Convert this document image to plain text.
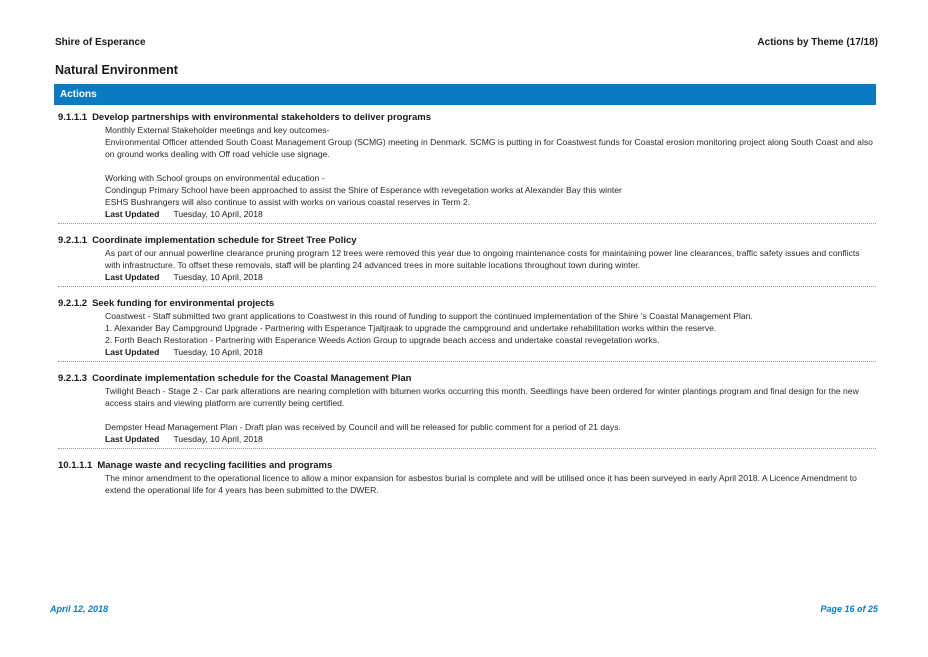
Shire of Esperance	Actions by Theme (17/18)
Natural Environment
Actions
9.1.1.1 Develop partnerships with environmental stakeholders to deliver programs

Monthly External Stakeholder meetings and key outcomes-
Environmental Officer attended South Coast Management Group (SCMG) meeting in Denmark. SCMG is putting in for Coastwest funds for Coastal erosion monitoring project along South Coast and also on ground works dealing with Off road vehicle use signage.

Working with School groups on environmental education -
Condingup Primary School have been approached to assist the Shire of Esperance with revegetation works at Alexander Bay this winter
ESHS Bushrangers will also continue to assist with works on various coastal reserves in Term 2.

Last Updated Tuesday, 10 April, 2018
9.2.1.1 Coordinate implementation schedule for Street Tree Policy

As part of our annual powerline clearance pruning program 12 trees were removed this year due to ongoing maintenance costs for maintaining power line clearances, traffic safety issues and conflicts with infrastructure. To offset these removals, staff will be planting 24 advanced trees in more suitable locations throughout town during winter.

Last Updated Tuesday, 10 April, 2018
9.2.1.2 Seek funding for environmental projects

Coastwest - Staff submitted two grant applications to Coastwest in this round of funding to support the continued implementation of the Shire 's Coastal Management Plan.
1. Alexander Bay Campground Upgrade - Partnering with Esperance Tjaltjraak to upgrade the campground and undertake rehabilitation works within the reserve.
2. Forth Beach Restoration - Partnering with Esperance Weeds Action Group to upgrade beach access and undertake coastal revegetation works.

Last Updated Tuesday, 10 April, 2018
9.2.1.3 Coordinate implementation schedule for the Coastal Management Plan

Twilight Beach - Stage 2 - Car park alterations are nearing completion with bitumen works occurring this month. Seedlings have been ordered for winter plantings program and final design for the new access stairs and viewing platform are currently being certified.

Dempster Head Management Plan - Draft plan was received by Council and will be released for public comment for a period of 21 days.

Last Updated Tuesday, 10 April, 2018
10.1.1.1 Manage waste and recycling facilities and programs

The minor amendment to the operational licence to allow a minor expansion for asbestos burial is complete and will be utilised once it has been surveyed in early April 2018. A Licence Amendment to extend the operational life for 4 years has been submitted to the DWER.

April 12, 2018	Page 16 of 25
